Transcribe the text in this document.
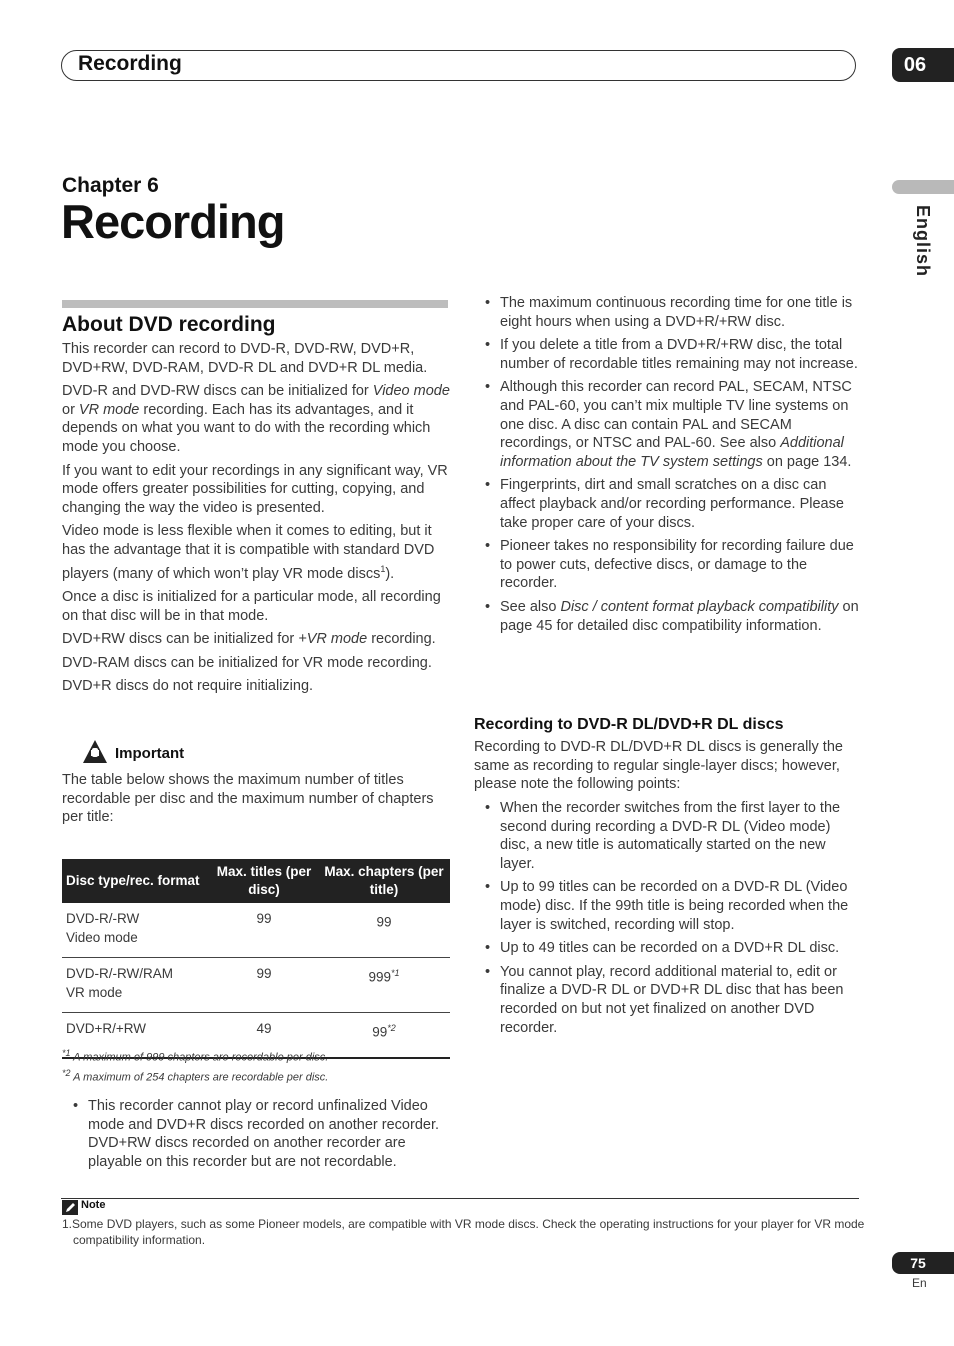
Recording	06
English
Chapter 6
Recording
About DVD recording

This recorder can record to DVD-R, DVD-RW, DVD+R, DVD+RW, DVD-RAM, DVD-R DL and DVD+R DL media.

DVD-R and DVD-RW discs can be initialized for Video mode or VR mode recording. Each has its advantages, and it depends on what you want to do with the recording which mode you choose.

If you want to edit your recordings in any significant way, VR mode offers greater possibilities for cutting, copying, and changing the way the video is presented.

Video mode is less flexible when it comes to editing, but it has the advantage that it is compatible with standard DVD players (many of which won’t play VR mode discs$^1$).

Once a disc is initialized for a particular mode, all recording on that disc will be in that mode.

DVD+RW discs can be initialized for +VR mode recording.

DVD-RAM discs can be initialized for VR mode recording.

DVD+R discs do not require initializing.

Important
The table below shows the maximum number of titles recordable per disc and the maximum number of chapters per title:
Disc type/rec. format	Max. titles (per disc)	Max. chapters (per title)
DVD-R/-RW
Video mode	99	99
DVD-R/-RW/RAM
VR mode	99	999$^{*1}$
DVD+R/+RW	49	99$^{*2}$
$^{*1}$ A maximum of 999 chapters are recordable per disc.
$^{*2}$ A maximum of 254 chapters are recordable per disc.
• This recorder cannot play or record unfinalized Video mode and DVD+R discs recorded on another recorder. DVD+RW discs recorded on another recorder are playable on this recorder but are not recordable.
• The maximum continuous recording time for one title is eight hours when using a DVD+R/+RW disc.
• If you delete a title from a DVD+R/+RW disc, the total number of recordable titles remaining may not increase.
• Although this recorder can record PAL, SECAM, NTSC and PAL-60, you can’t mix multiple TV line systems on one disc. A disc can contain PAL and SECAM recordings, or NTSC and PAL-60. See also Additional information about the TV system settings on page 134.
• Fingerprints, dirt and small scratches on a disc can affect playback and/or recording performance. Please take proper care of your discs.
• Pioneer takes no responsibility for recording failure due to power cuts, defective discs, or damage to the recorder.
• See also Disc / content format playback compatibility on page 45 for detailed disc compatibility information.
Recording to DVD-R DL/DVD+R DL discs
Recording to DVD-R DL/DVD+R DL discs is generally the same as recording to regular single-layer discs; however, please note the following points:
• When the recorder switches from the first layer to the second during recording a DVD-R DL (Video mode) disc, a new title is automatically started on the new layer.
• Up to 99 titles can be recorded on a DVD-R DL (Video mode) disc. If the 99th title is being recorded when the layer is switched, recording will stop.
• Up to 49 titles can be recorded on a DVD+R DL disc.
• You cannot play, record additional material to, edit or finalize a DVD-R DL or DVD+R DL disc that has been recorded on but not yet finalized on another DVD recorder.
Note
1.Some DVD players, such as some Pioneer models, are compatible with VR mode discs. Check the operating instructions for your player for VR mode compatibility information.
75
En
